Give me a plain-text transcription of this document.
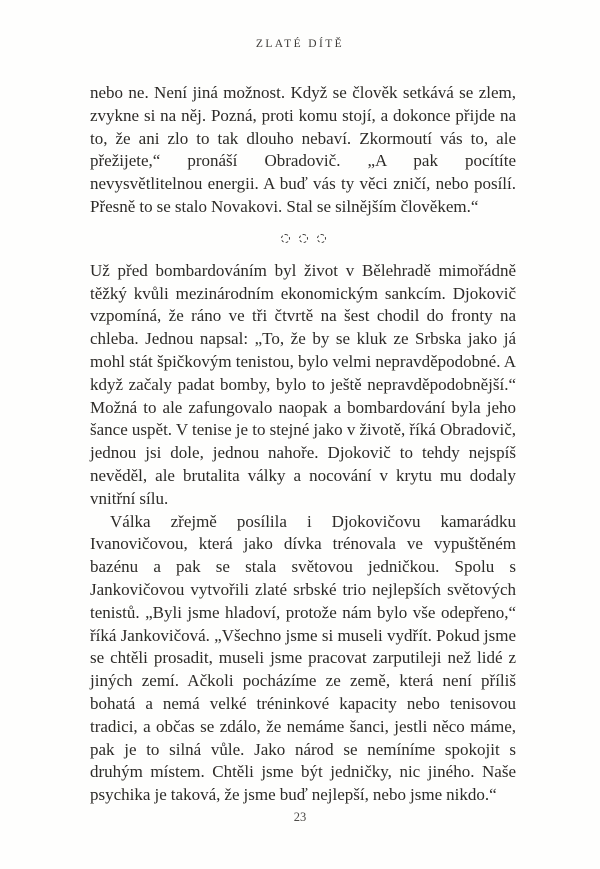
ZLATÉ DÍTĚ

nebo ne. Není jiná možnost. Když se člověk setkává se zlem, zvykne si na něj. Pozná, proti komu stojí, a dokonce přijde na to, že ani zlo to tak dlouho nebaví. Zkormoutí vás to, ale přežijete,“ pronáší Obradovič. „A pak pocítíte nevysvětlitelnou energii. A buď vás ty věci zničí, nebo posílí. Přesně to se stalo Novakovi. Stal se silnějším člověkem.“

Už před bombardováním byl život v Bělehradě mimořádně těžký kvůli mezinárodním ekonomickým sankcím. Djokovič vzpomíná, že ráno ve tři čtvrtě na šest chodil do fronty na chleba. Jednou napsal: „To, že by se kluk ze Srbska jako já mohl stát špičkovým tenistou, bylo velmi nepravděpodobné. A když začaly padat bomby, bylo to ještě nepravděpodobnější.“ Možná to ale zafungovalo naopak a bombardování byla jeho šance uspět. V tenise je to stejné jako v životě, říká Obradovič, jednou jsi dole, jednou nahoře. Djokovič to tehdy nejspíš nevěděl, ale brutalita války a nocování v krytu mu dodaly vnitřní sílu.

Válka zřejmě posílila i Djokovičovu kamarádku Ivanovičovou, která jako dívka trénovala ve vypuštěném bazénu a pak se stala světovou jedničkou. Spolu s Jankovičovou vytvořili zlaté srbské trio nejlepších světových tenistů. „Byli jsme hladoví, protože nám bylo vše odepřeno,“ říká Jankovičová. „Všechno jsme si museli vydřít. Pokud jsme se chtěli prosadit, museli jsme pracovat zarputileji než lidé z jiných zemí. Ačkoli pocházíme ze země, která není příliš bohatá a nemá velké tréninkové kapacity nebo tenisovou tradici, a občas se zdálo, že nemáme šanci, jestli něco máme, pak je to silná vůle. Jako národ se nemíníme spokojit s druhým místem. Chtěli jsme být jedničky, nic jiného. Naše psychika je taková, že jsme buď nejlepší, nebo jsme nikdo.“

23
